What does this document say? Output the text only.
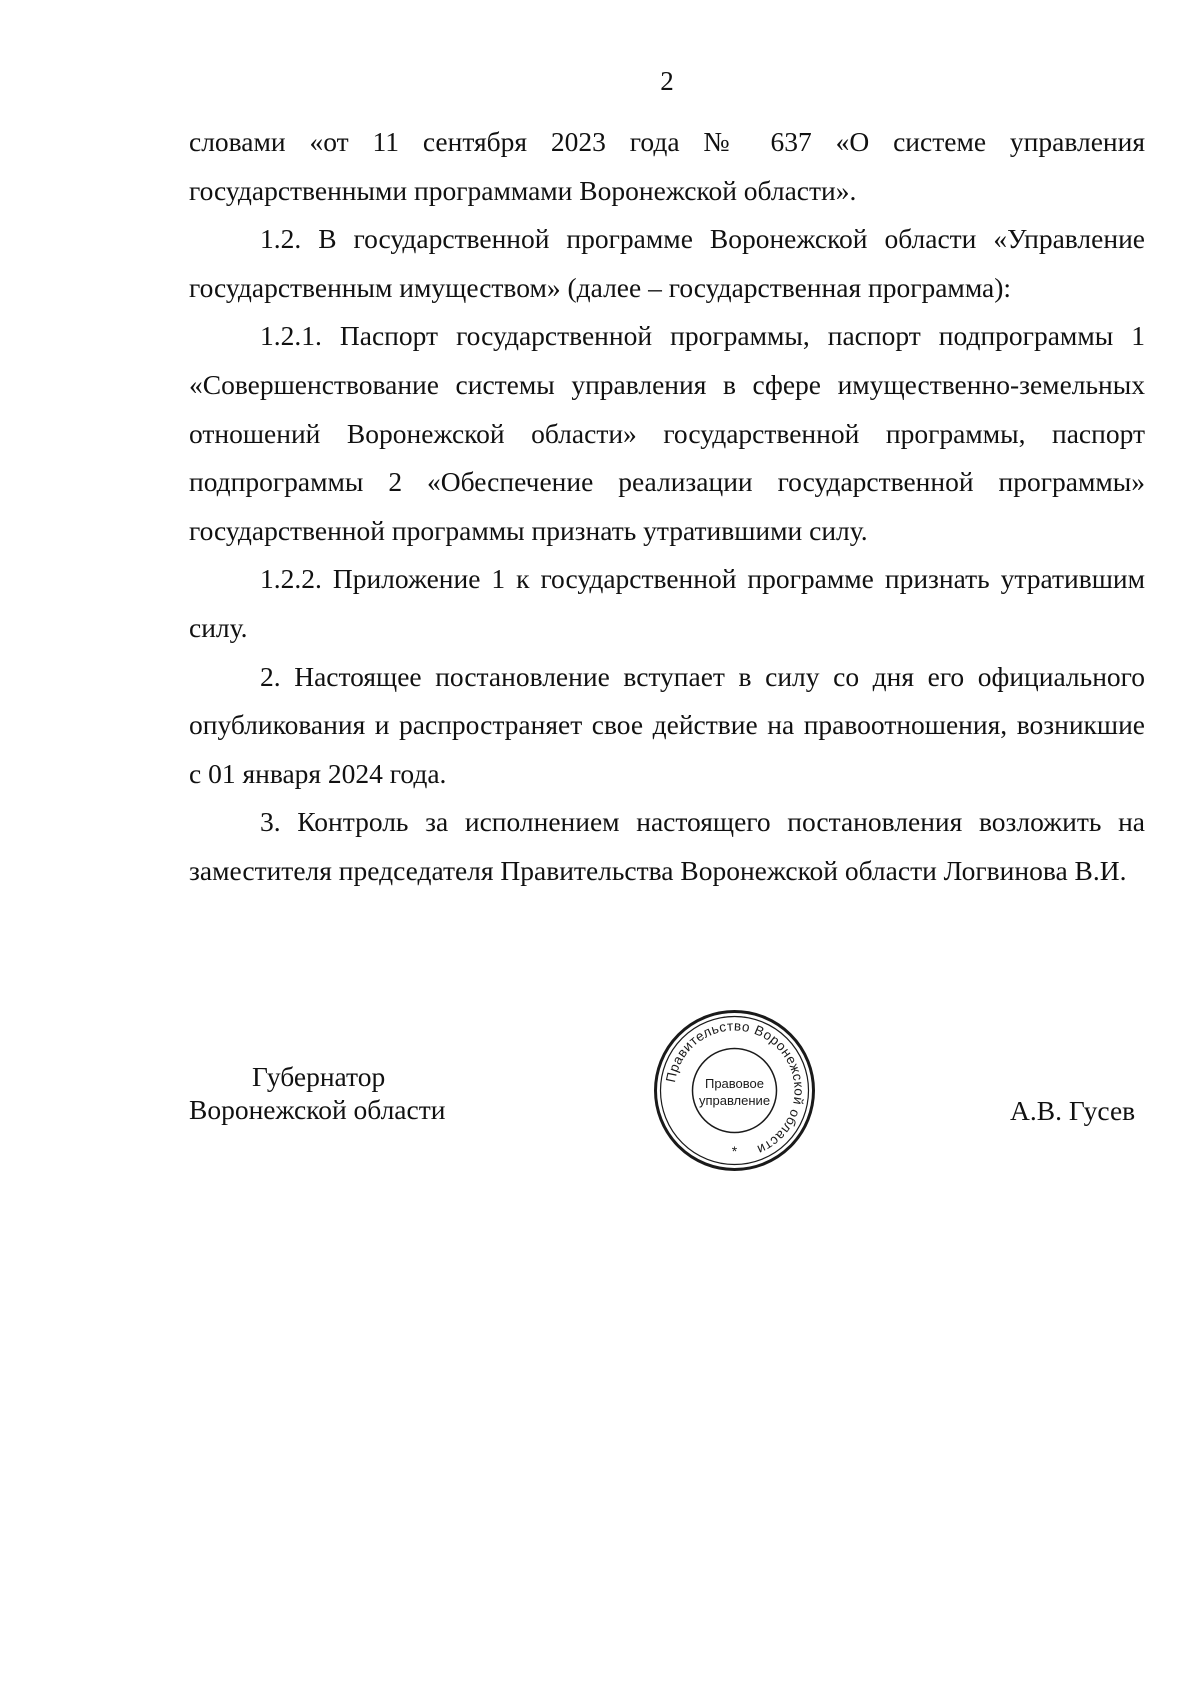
2

словами «от 11 сентября 2023 года № 637 «О системе управления государственными программами Воронежской области».

1.2. В государственной программе Воронежской области «Управление государственным имуществом» (далее – государственная программа):

1.2.1. Паспорт государственной программы, паспорт подпрограммы 1 «Совершенствование системы управления в сфере имущественно-земельных отношений Воронежской области» государственной программы, паспорт подпрограммы 2 «Обеспечение реализации государственной программы» государственной программы признать утратившими силу.

1.2.2. Приложение 1 к государственной программе признать утратившим силу.

2. Настоящее постановление вступает в силу со дня его официального опубликования и распространяет свое действие на правоотношения, возникшие с 01 января 2024 года.

3. Контроль за исполнением настоящего постановления возложить на заместителя председателя Правительства Воронежской области Логвинова В.И.

Губернатор
Воронежской области
Правительство Воронежской области
Правовое
управление
*
А.В. Гусев
